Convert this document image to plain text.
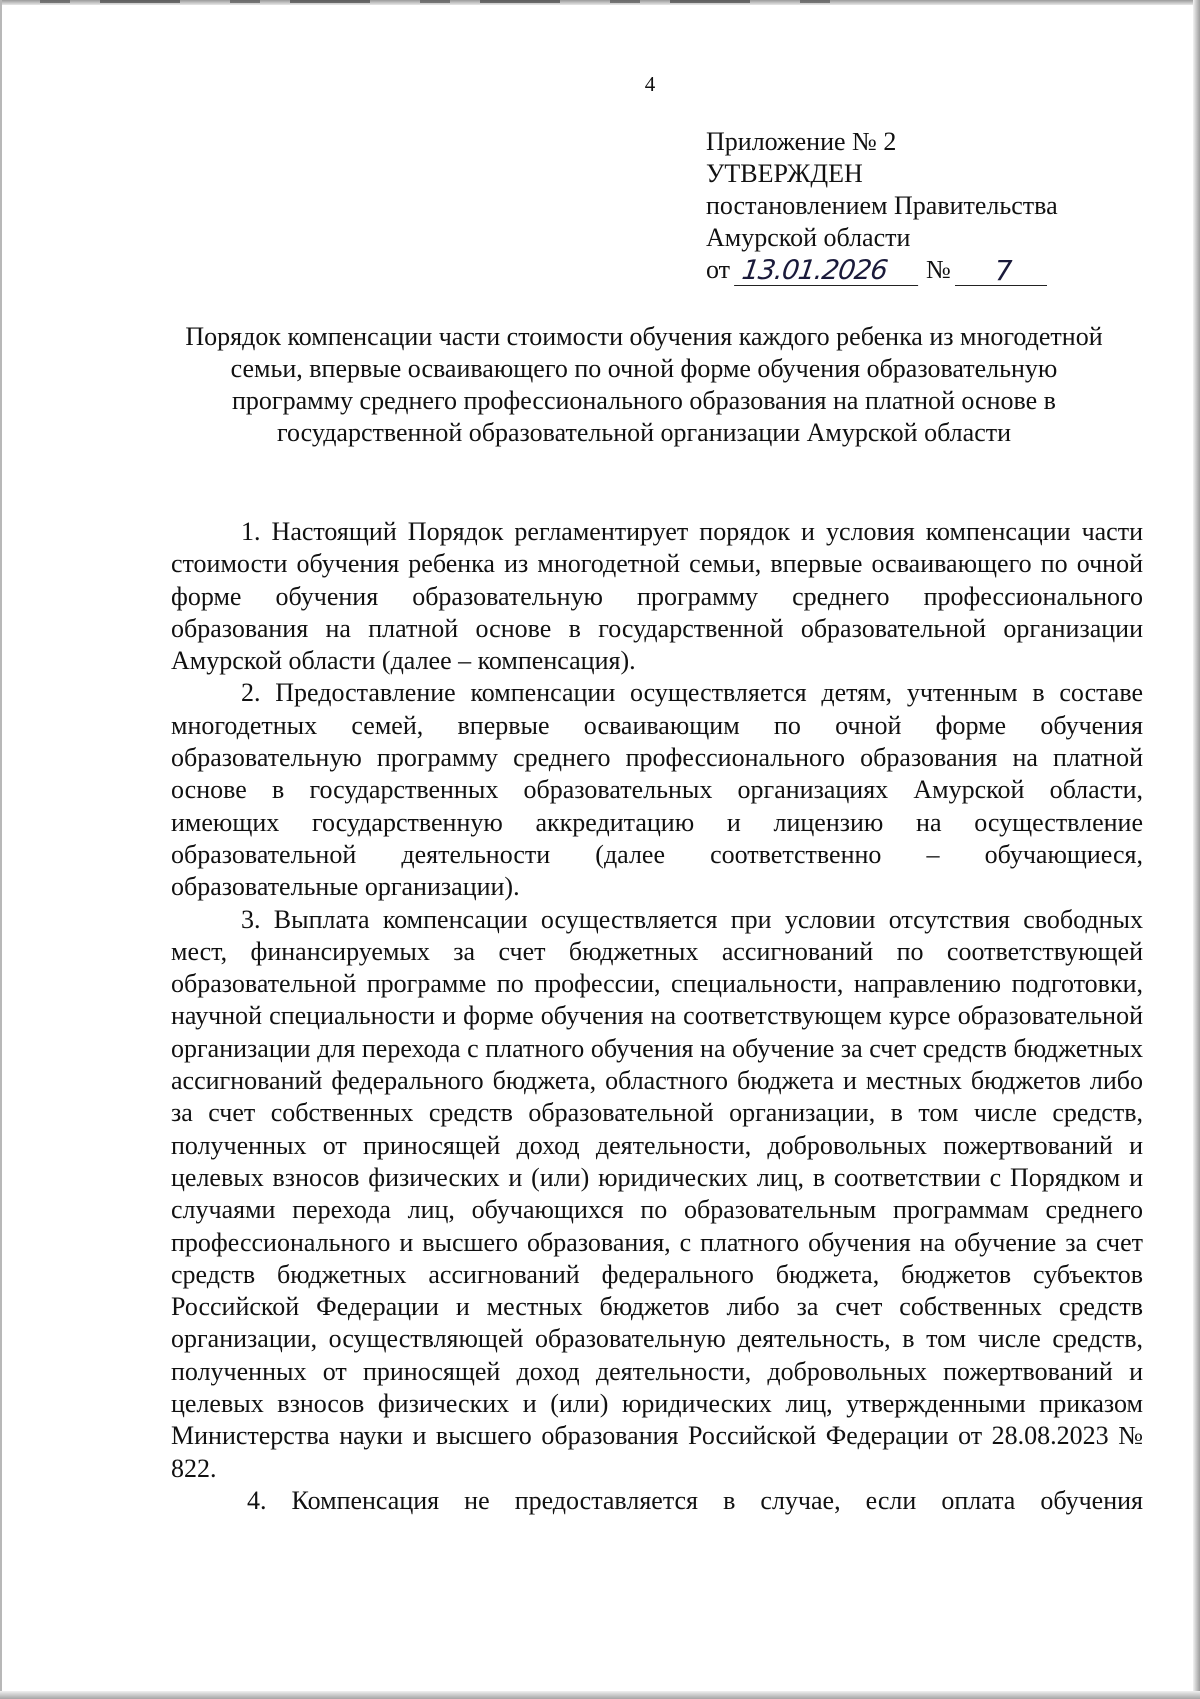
4
Приложение № 2
УТВЕРЖДЕН
постановлением Правительства
Амурской области
от 13.01.2026	№	7
Порядок компенсации части стоимости обучения каждого ребенка из многодетной семьи, впервые осваивающего по очной форме обучения образовательную программу среднего профессионального образования на платной основе в государственной образовательной организации Амурской области

1. Настоящий Порядок регламентирует порядок и условия компенсации части стоимости обучения ребенка из многодетной семьи, впервые осваивающего по очной форме обучения образовательную программу среднего профессионального образования на платной основе в государственной образовательной организации Амурской области (далее – компенсация).

2. Предоставление компенсации осуществляется детям, учтенным в составе многодетных семей, впервые осваивающим по очной форме обучения образовательную программу среднего профессионального образования на платной основе в государственных образовательных организациях Амурской области, имеющих государственную аккредитацию и лицензию на осуществление образовательной деятельности (далее соответственно – обучающиеся, образовательные организации).

3. Выплата компенсации осуществляется при условии отсутствия свободных мест, финансируемых за счет бюджетных ассигнований по соответствующей образовательной программе по профессии, специальности, направлению подготовки, научной специальности и форме обучения на соответствующем курсе образовательной организации для перехода с платного обучения на обучение за счет средств бюджетных ассигнований федерального бюджета, областного бюджета и местных бюджетов либо за счет собственных средств образовательной организации, в том числе средств, полученных от приносящей доход деятельности, добровольных пожертвований и целевых взносов физических и (или) юридических лиц, в соответствии с Порядком и случаями перехода лиц, обучающихся по образовательным программам среднего профессионального и высшего образования, с платного обучения на обучение за счет средств бюджетных ассигнований федерального бюджета, бюджетов субъектов Российской Федерации и местных бюджетов либо за счет собственных средств организации, осуществляющей образовательную деятельность, в том числе средств, полученных от приносящей доход деятельности, добровольных пожертвований и целевых взносов физических и (или) юридических лиц, утвержденными приказом Министерства науки и высшего образования Российской Федерации от 28.08.2023 № 822.

4. Компенсация не предоставляется в случае, если оплата обучения
